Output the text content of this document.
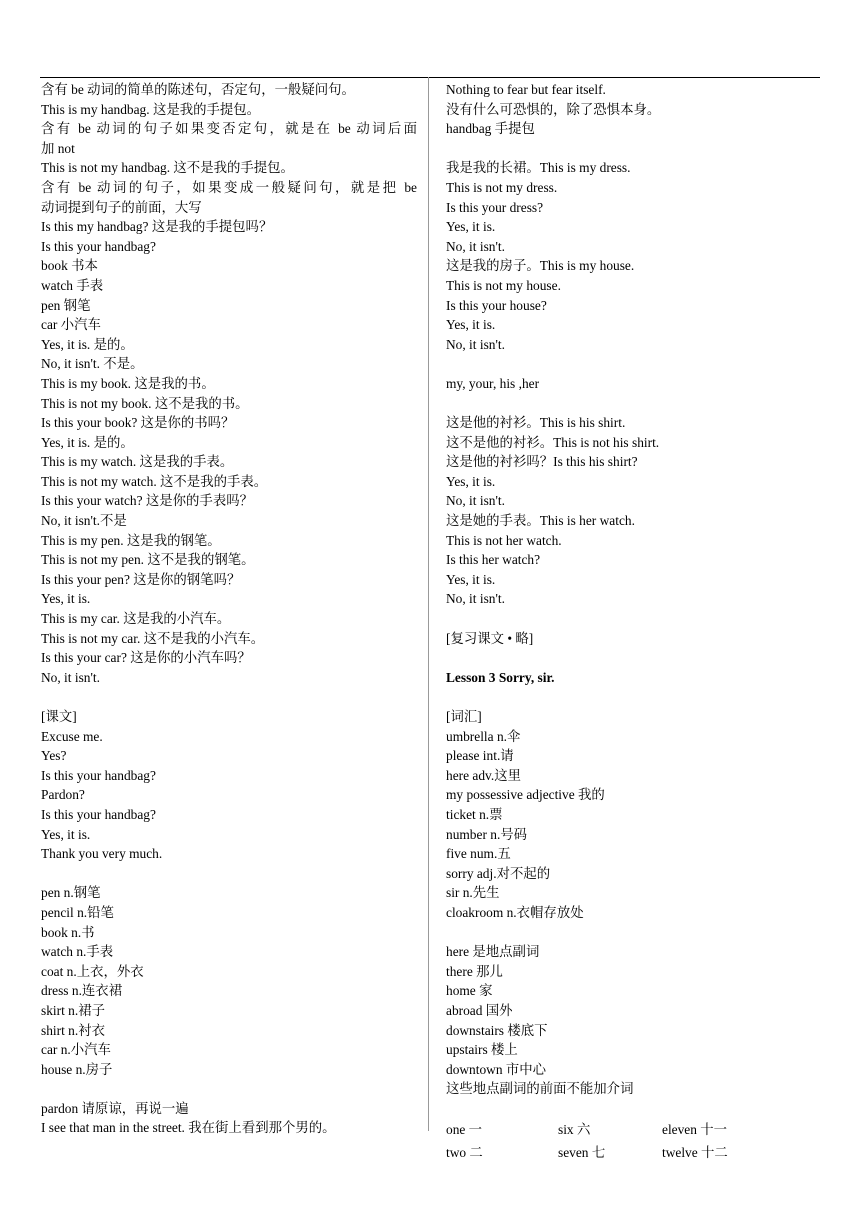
含有 be 动词的简单的陈述句，否定句，一般疑问句。
This is my handbag. 这是我的手提包。
含有 be 动词的句子如果变否定句，就是在 be 动词后面
加 not
This is not my handbag. 这不是我的手提包。
含有 be 动词的句子，如果变成一般疑问句，就是把 be
动词提到句子的前面，大写
Is this my handbag? 这是我的手提包吗？
Is this your handbag?
book 书本
watch 手表
pen 钢笔
car 小汽车
Yes, it is. 是的。
No, it isn't. 不是。
This is my book. 这是我的书。
This is not my book. 这不是我的书。
Is this your book? 这是你的书吗？
Yes, it is. 是的。
This is my watch. 这是我的手表。
This is not my watch. 这不是我的手表。
Is this your watch? 这是你的手表吗？
No, it isn't.不是
This is my pen. 这是我的钢笔。
This is not my pen. 这不是我的钢笔。
Is this your pen? 这是你的钢笔吗？
Yes, it is.
This is my car. 这是我的小汽车。
This is not my car. 这不是我的小汽车。
Is this your car? 这是你的小汽车吗？
No, it isn't.
[课文]
Excuse me.
Yes?
Is this your handbag?
Pardon?
Is this your handbag?
Yes, it is.
Thank you very much.
pen n.钢笔
pencil n.铅笔
book n.书
watch n.手表
coat n.上衣，外衣
dress n.连衣裙
skirt n.裙子
shirt n.衬衣
car n.小汽车
house n.房子
pardon 请原谅，再说一遍
I see that man in the street. 我在街上看到那个男的。
Nothing to fear but fear itself.
没有什么可恐惧的，除了恐惧本身。
handbag 手提包
我是我的长裙。This is my dress.
This is not my dress.
Is this your dress?
Yes, it is.
No, it isn't.
这是我的房子。This is my house.
This is not my house.
Is this your house?
Yes, it is.
No, it isn't.
my, your, his ,her
这是他的衬衫。This is his shirt.
这不是他的衬衫。This is not his shirt.
这是他的衬衫吗？Is this his shirt?
Yes, it is.
No, it isn't.
这是她的手表。This is her watch.
This is not her watch.
Is this her watch?
Yes, it is.
No, it isn't.
[复习课文 • 略]
Lesson 3 Sorry, sir.
[词汇]
umbrella n.伞
please int.请
here adv.这里
my possessive adjective 我的
ticket n.票
number n.号码
five num.五
sorry adj.对不起的
sir n.先生
cloakroom n.衣帽存放处
here 是地点副词
there 那儿
home 家
abroad 国外
downstairs 楼底下
upstairs 楼上
downtown 市中心
这些地点副词的前面不能加介词
one 一	six 六	eleven 十一
two 二	seven 七	twelve 十二
